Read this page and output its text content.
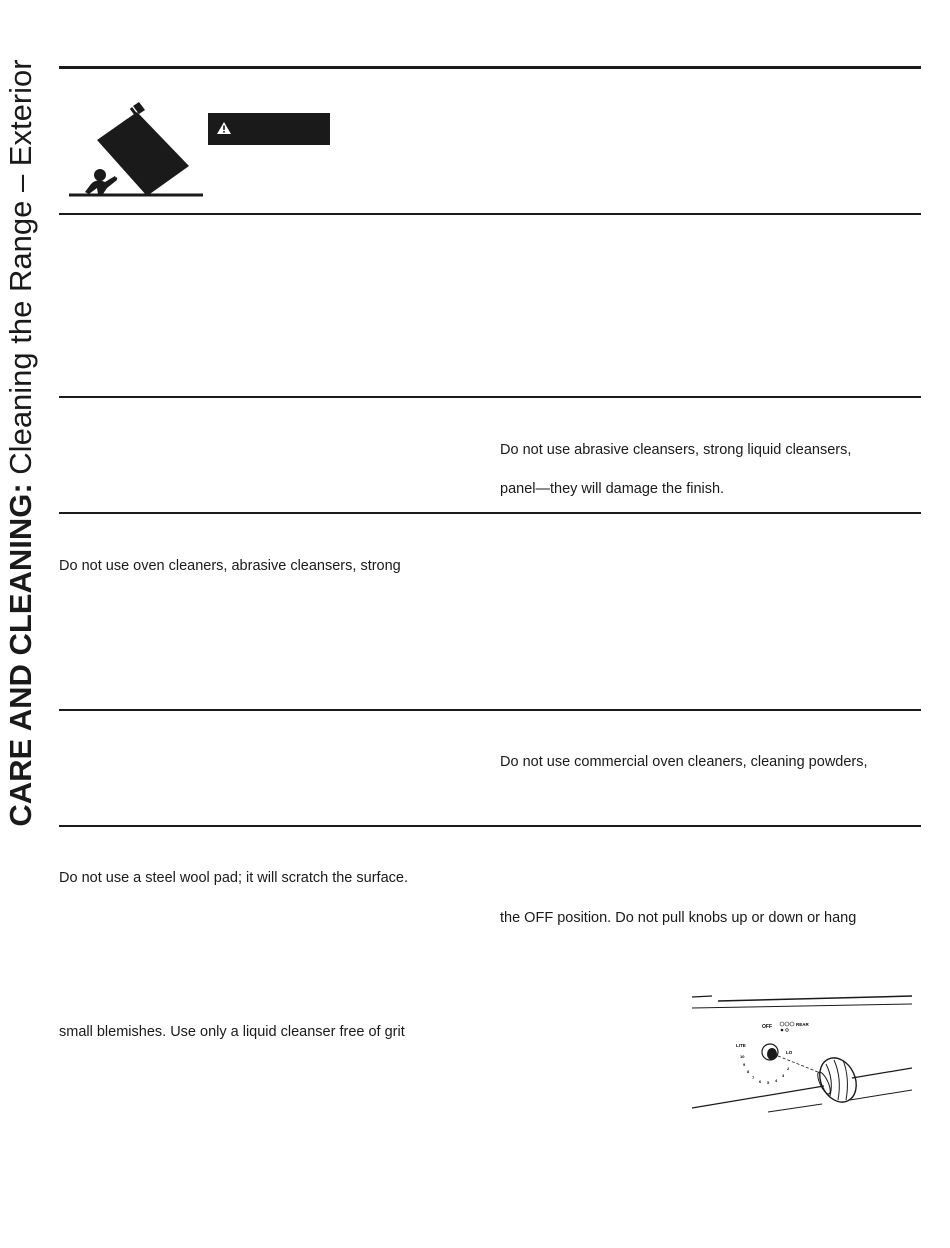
CARE AND CLEANING: Cleaning the Range – Exterior	Do not use abrasive cleansers, strong liquid cleansers,
panel—they will damage the finish.
Do not use oven cleaners, abrasive cleansers, strong
Do not use commercial oven cleaners, cleaning powders,
Do not use a steel wool pad; it will scratch the surface.
the OFF position. Do not pull knobs up or down or hang
small blemishes. Use only a liquid cleanser free of grit	OFF	REAR
LITE
LO
10
9
8
7
6 5 4
3
2
